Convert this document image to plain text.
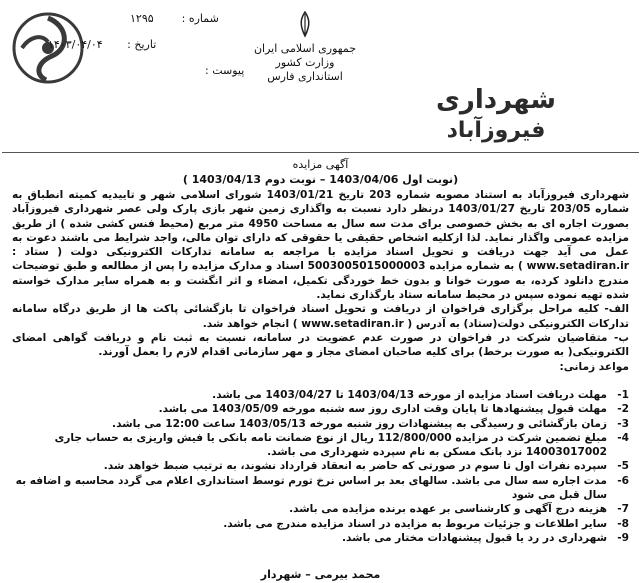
شهرداری
فیروزآباد
جمهوری اسلامی ایران
وزارت کشور
استانداری فارس
شماره :        ۱۲۹۵
تاریخ :       ۱۴۰۳/۰۴/۰۴
پیوست :
آگهی مزایده
(نوبت اول 1403/04/06 – نوبت دوم 1403/04/13 )

شهرداری فیروزآباد به استناد مصوبه شماره 203 تاریخ 1403/01/21 شورای اسلامی شهر و تاییدیه کمیته انطباق به شماره 203/05 تاریخ 1403/01/27 درنظر دارد نسبت به واگذاری زمین شهر بازی پارک ولی عصر شهرداری فیروزآباد بصورت اجاره ای به بخش خصوصی برای مدت سه سال به مساحت 4950 متر مربع (محیط فنس کشی شده ) از طریق مزایده عمومی واگذار نماید. لذا ازکلیه اشخاص حقیقی یا حقوقی که دارای توان مالی، واجد شرایط می باشند دعوت به عمل می آید جهت دریافت و تحویل اسناد مزایده با مراجعه به سامانه تدارکات الکترونیکی دولت ( ستاد : www.setadiran.ir ) به شماره مزایده 5003005015000003 اسناد و مدارک مزایده را پس از مطالعه و طبق توضیحات مندرج دانلود کرده، به صورت خوانا و بدون خط خوردگی تکمیل، امضاء و اثر انگشت و به همراه سایر مدارک خواسته شده تهیه نموده سپس در محیط سامانه ستاد بارگذاری نماید.

الف- کلیه مراحل برگزاری فراخوان از دریافت و تحویل اسناد فراخوان تا بازگشائی پاکت ها از طریق درگاه سامانه تدارکات الکترونیکی دولت(ستاد) به آدرس ( www.setadiran.ir ) انجام خواهد شد.

ب- متقاضیان شرکت در فراخوان در صورت عدم عضویت در سامانه، نسبت به ثبت نام و دریافت گواهی امضای الکترونیکی( به صورت برخط) برای کلیه صاحبان امضای مجاز و مهر سازمانی اقدام لازم را بعمل آورند.

مواعد زمانی:

1-
مهلت دریافت اسناد مزایده از مورخه 1403/04/13 تا 1403/04/27 می باشد.
2-
مهلت قبول پیشنهادها تا پایان وقت اداری روز سه شنبه مورخه 1403/05/09 می باشد.
3-
زمان بازگشائی و رسیدگی به پیشنهادات روز شنبه مورخه 1403/05/13 ساعت 12:00 می باشد.
4-
مبلغ تضمین شرکت در مزایده 112/800/000 ریال از نوع ضمانت نامه بانکی یا فیش واریزی به حساب جاری 14003017002 نزد بانک مسکن به نام سپرده شهرداری می باشد.
5-
سپرده نفرات اول تا سوم در صورتی که حاضر به انعقاد قرارداد نشوند، به ترتیب ضبط خواهد شد.
6-
مدت اجاره سه سال می باشد. سالهای بعد بر اساس نرخ تورم توسط استانداری اعلام می گردد محاسبه و اضافه به سال قبل می شود
7-
هزینه درج آگهی و کارشناسی بر عهده برنده مزایده می باشد.
8-
سایر اطلاعات و جزئیات مربوط به مزایده در اسناد مزایده مندرج می باشد.
9-
شهرداری در رد یا قبول پیشنهادات مختار می باشد.
محمد بیرمی – شهردار
